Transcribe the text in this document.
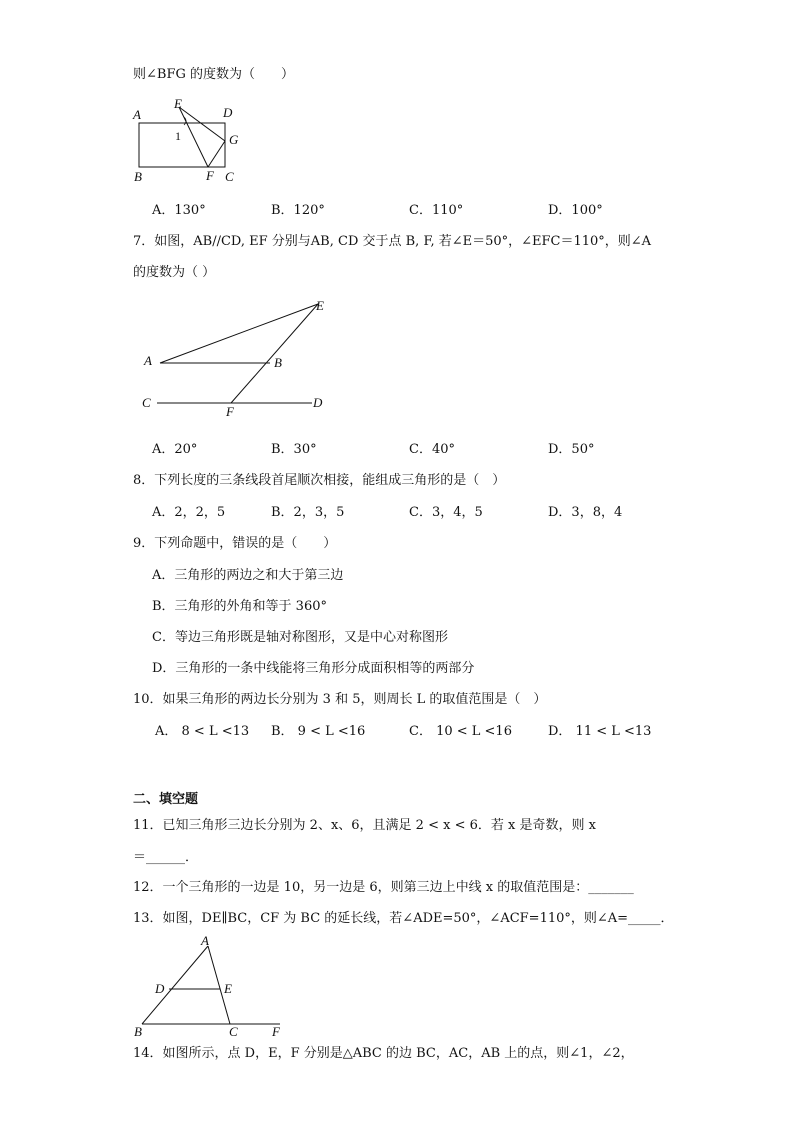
则∠BFG 的度数为（　　）
A
E
D
G
1
B	F C
A．130°	B．120°	C．110°	D．100°
7．如图，AB//CD, EF 分别与AB, CD 交于点 B, F, 若∠E＝50°，∠EFC＝110°，则∠A
的度数为（ ）
E
A	B
C
F
D
A．20°	B．30°	C．40°	D．50°
8．下列长度的三条线段首尾顺次相接，能组成三角形的是（　）
A．2，2，5	B．2，3，5	C．3，4，5	D．3，8，4
9．下列命题中，错误的是（　　）
A．三角形的两边之和大于第三边
B．三角形的外角和等于 360°
C．等边三角形既是轴对称图形，又是中心对称图形
D．三角形的一条中线能将三角形分成面积相等的两部分
10．如果三角形的两边长分别为 3 和 5，则周长 L 的取值范围是（　）
A． 8 < L <13 B． 9 < L <16	C． 10 < L <16	D． 11 < L <13
二、填空题
11．已知三角形三边长分别为 2、x、6，且满足 2 < x < 6．若 x 是奇数，则 x
＝______．
12．一个三角形的一边是 10，另一边是 6，则第三边上中线 x 的取值范围是：_______
13．如图，DE∥BC，CF 为 BC 的延长线，若∠ADE=50°，∠ACF=110°，则∠A=_____．
A
D	E
B	C	F
14．如图所示，点 D，E，F 分别是△ABC 的边 BC，AC，AB 上的点，则∠1，∠2，
